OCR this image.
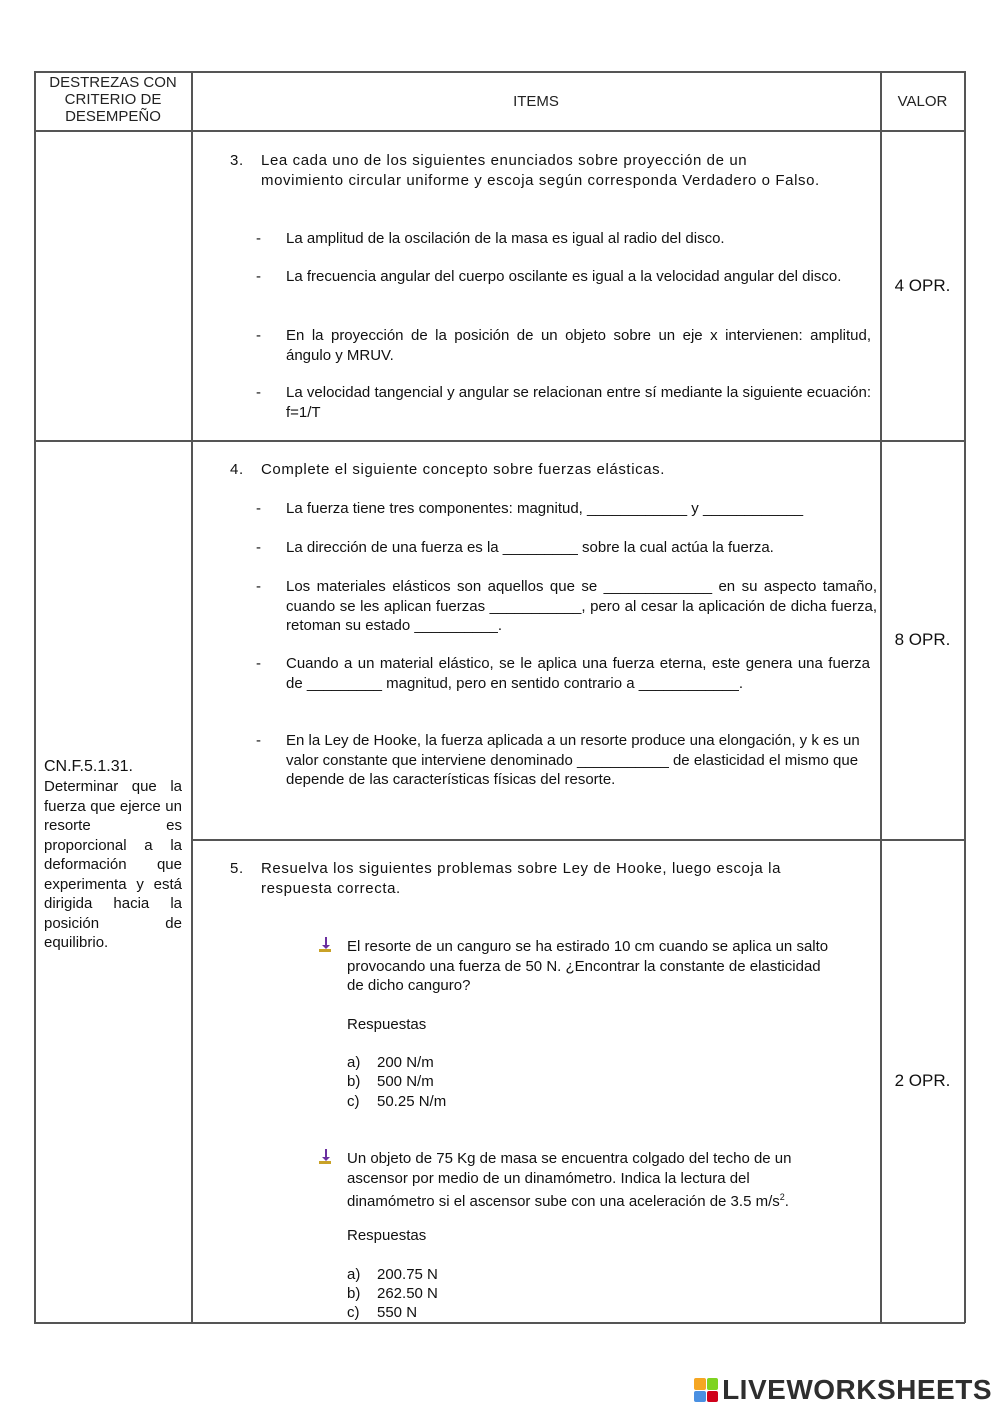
DESTREZAS CON CRITERIO DE DESEMPEÑO
ITEMS	VALOR
3. Lea cada uno de los siguientes enunciados sobre proyección de un movimiento circular uniforme y escoja según corresponda Verdadero o Falso.
- La amplitud de la oscilación de la masa es igual al radio del disco.
- La frecuencia angular del cuerpo oscilante es igual a la velocidad angular del disco.
- En la proyección de la posición de un objeto sobre un eje x intervienen: amplitud, ángulo y MRUV.
- La velocidad tangencial y angular se relacionan entre sí mediante la siguiente ecuación: f=1/T
4 OPR.
4. Complete el siguiente concepto sobre fuerzas elásticas.
- La fuerza tiene tres componentes: magnitud, ____________ y ____________
- La dirección de una fuerza es la _________ sobre la cual actúa la fuerza.
- Los materiales elásticos son aquellos que se _____________ en su aspecto tamaño, cuando se les aplican fuerzas ___________, pero al cesar la aplicación de dicha fuerza, retoman su estado __________.
- Cuando a un material elástico, se le aplica una fuerza eterna, este genera una fuerza de _________ magnitud, pero en sentido contrario a ____________.
- En la Ley de Hooke, la fuerza aplicada a un resorte produce una elongación, y k es un valor constante que interviene denominado ___________ de elasticidad el mismo que depende de las características físicas del resorte.
8 OPR.
CN.F.5.1.31.
Determinar que la fuerza que ejerce un resorte es proporcional a la deformación que experimenta y está dirigida hacia la posición de equilibrio.
5. Resuelva los siguientes problemas sobre Ley de Hooke, luego escoja la respuesta correcta.
El resorte de un canguro se ha estirado 10 cm cuando se aplica un salto
provocando una fuerza de 50 N. ¿Encontrar la constante de elasticidad
de dicho canguro?
Respuestas
a) 200 N/m
b) 500 N/m
c) 50.25 N/m
Un objeto de 75 Kg de masa se encuentra colgado del techo de un
ascensor por medio de un dinamómetro. Indica la lectura del
dinamómetro si el ascensor sube con una aceleración de 3.5 $m/s^2$.
Respuestas
a) 200.75 N
b) 262.50 N
c) 550 N
2 OPR.
LIVEWORKSHEETS
